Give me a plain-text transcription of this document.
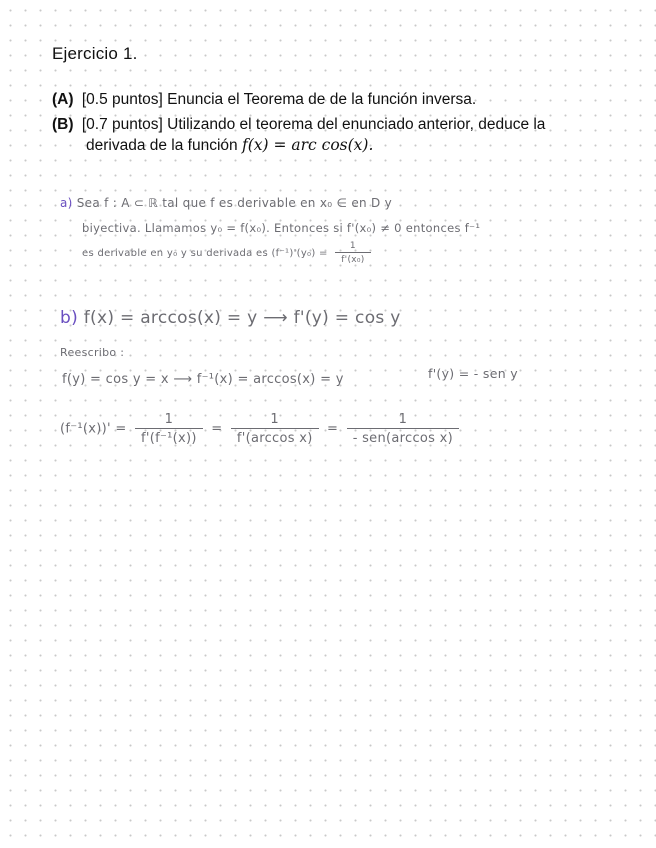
Ejercicio 1.
(A) [0.5 puntos] Enuncia el Teorema de de la función inversa.
(B) [0.7 puntos] Utilizando el teorema del enunciado anterior, deduce la
derivada de la función f(x) = arc cos(x).
a) Sea f : A ⊂ ℝ tal que f es derivable en x₀ ∈ en D y
biyectiva. Llamamos y₀ = f(x₀). Entonces si f'(x₀) ≠ 0 entonces f⁻¹
es derivable en y₀ y su derivada es $(f^{-1})'(y_0) = \frac{1}{\text{f'(x₀)}}$
b) f(x) = arccos(x) = y ⟶ f'(y) = cos y
Reescribo :
f(y) = cos y = x ⟶ f⁻¹(x) = arccos(x) = y	f'(y) = - sen y
$(f^{-1}(x))' = \frac{1}{\text{f'(f⁻¹(x))}} = \frac{1}{\text{f'(arccos x)}} = \frac{1}{\text{- sen(arccos x)}}$
